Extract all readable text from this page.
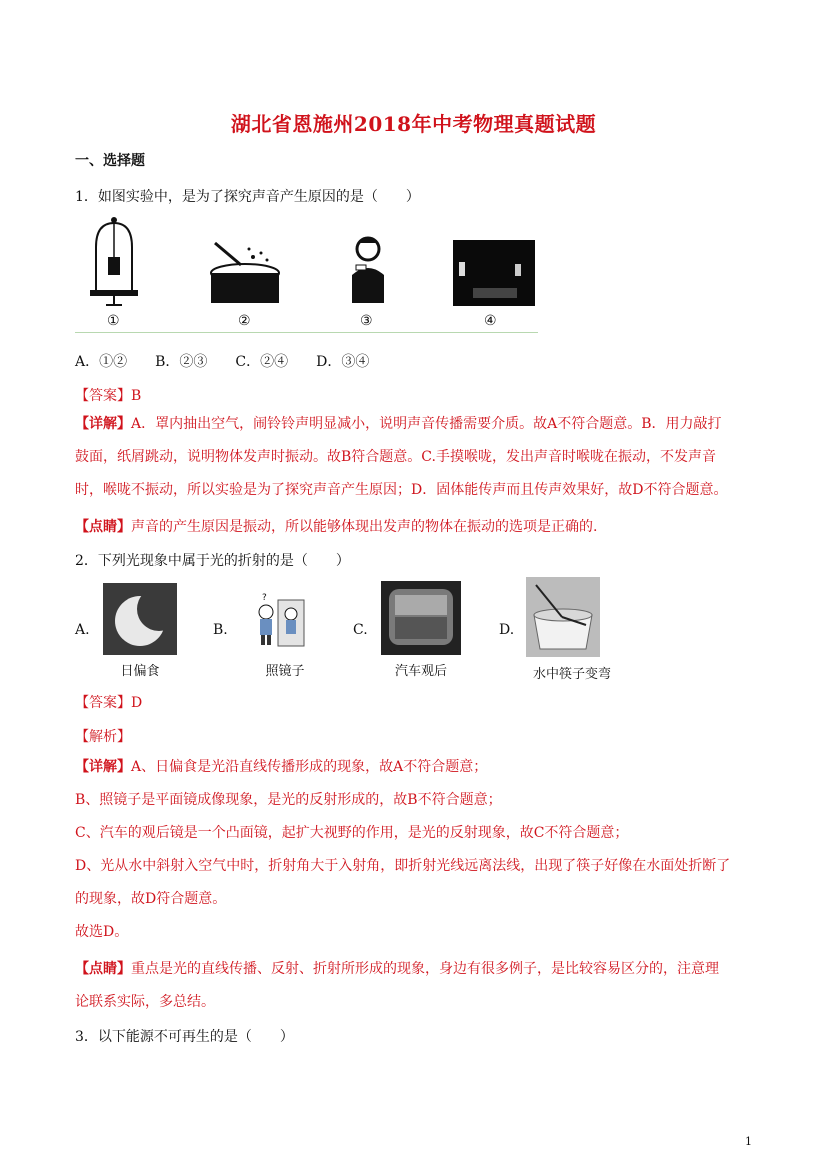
湖北省恩施州2018年中考物理真题试题
一、选择题
1．如图实验中，是为了探究声音产生原因的是（　　）
①	②	③	④
A．①②　　B．②③　　C．②④　　D．③④
【答案】B
【详解】A．罩内抽出空气，闹铃铃声明显减小，说明声音传播需要介质。故A不符合题意。B．用力敲打
鼓面，纸屑跳动，说明物体发声时振动。故B符合题意。C.手摸喉咙，发出声音时喉咙在振动，不发声音
时，喉咙不振动，所以实验是为了探究声音产生原因；D．固体能传声而且传声效果好，故D不符合题意。
【点睛】声音的产生原因是振动，所以能够体现出发声的物体在振动的选项是正确的.
2．下列光现象中属于光的折射的是（　　）
A.
日偏食
B.
?
照镜子
C.
汽车观后
D.
水中筷子变弯
【答案】D
【解析】
【详解】A、日偏食是光沿直线传播形成的现象，故A不符合题意；
B、照镜子是平面镜成像现象，是光的反射形成的，故B不符合题意；
C、汽车的观后镜是一个凸面镜，起扩大视野的作用，是光的反射现象，故C不符合题意；
D、光从水中斜射入空气中时，折射角大于入射角，即折射光线远离法线，出现了筷子好像在水面处折断了
的现象，故D符合题意。
故选D。
【点睛】重点是光的直线传播、反射、折射所形成的现象，身边有很多例子，是比较容易区分的，注意理
论联系实际，多总结。
3．以下能源不可再生的是（　　）
1
